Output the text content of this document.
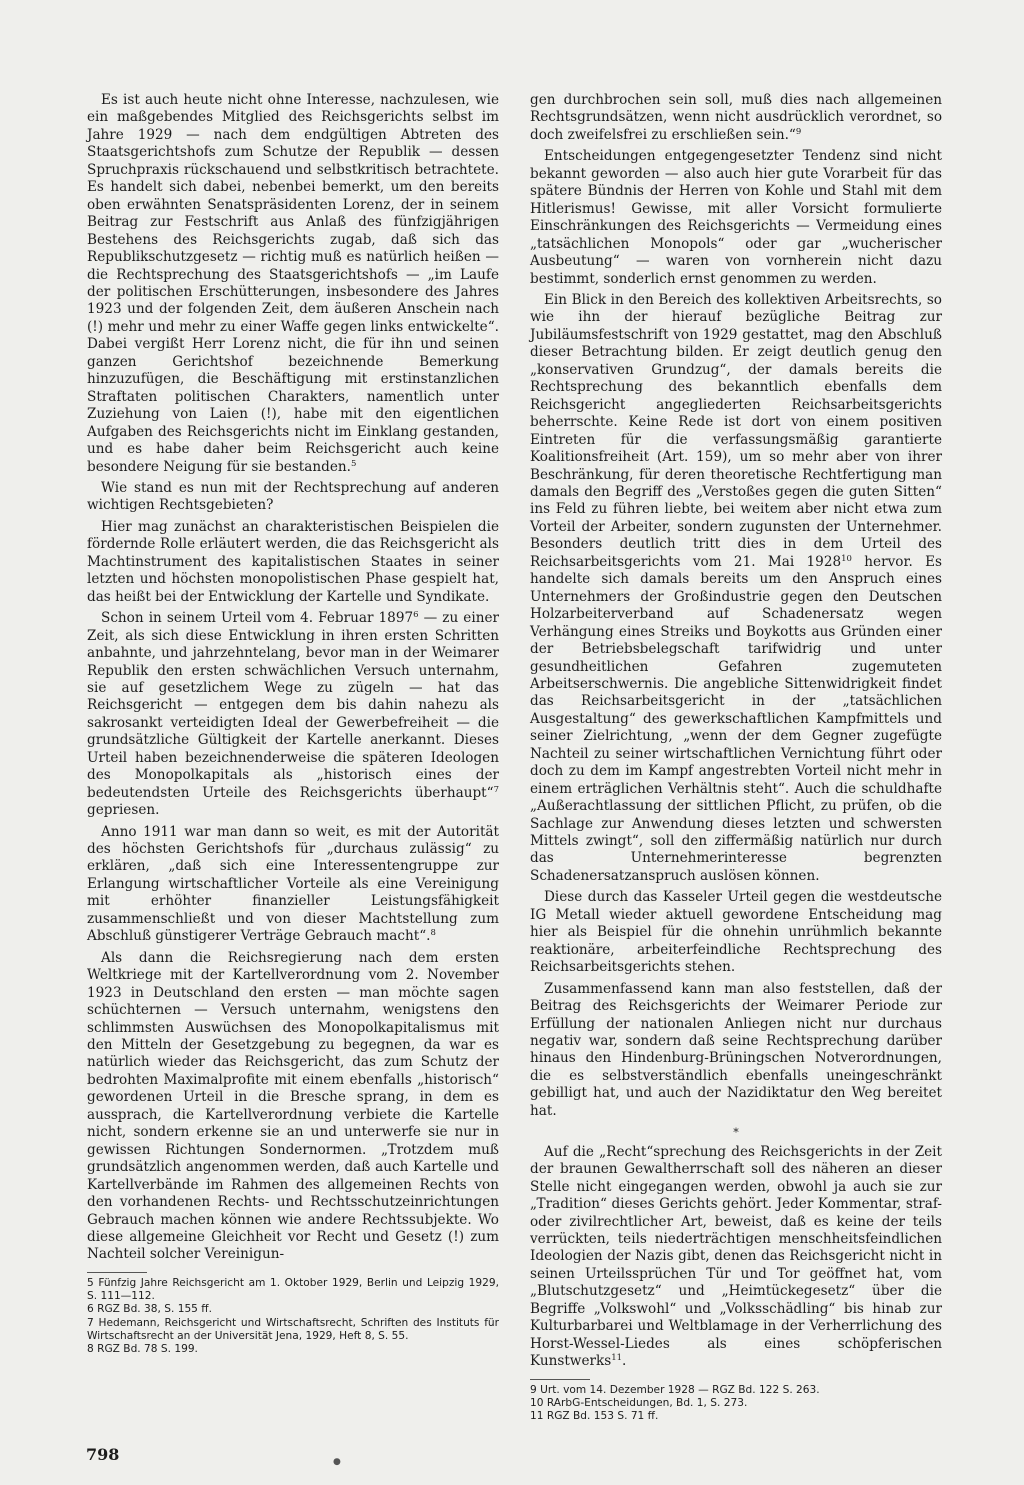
Es ist auch heute nicht ohne Interesse, nachzulesen, wie ein maßgebendes Mitglied des Reichsgerichts selbst im Jahre 1929 — nach dem endgültigen Abtreten des Staatsgerichtshofs zum Schutze der Republik — dessen Spruchpraxis rückschauend und selbstkritisch betrachtete. Es handelt sich dabei, nebenbei bemerkt, um den bereits oben erwähnten Senatspräsidenten Lorenz, der in seinem Beitrag zur Festschrift aus Anlaß des fünfzigjährigen Bestehens des Reichsgerichts zugab, daß sich das Republikschutzgesetz — richtig muß es natürlich heißen — die Rechtsprechung des Staatsgerichtshofs — „im Laufe der politischen Erschütterungen, insbesondere des Jahres 1923 und der folgenden Zeit, dem äußeren Anschein nach (!) mehr und mehr zu einer Waffe gegen links entwickelte“. Dabei vergißt Herr Lorenz nicht, die für ihn und seinen ganzen Gerichtshof bezeichnende Bemerkung hinzuzufügen, die Beschäftigung mit erstinstanzlichen Straftaten politischen Charakters, namentlich unter Zuziehung von Laien (!), habe mit den eigentlichen Aufgaben des Reichsgerichts nicht im Einklang gestanden, und es habe daher beim Reichsgericht auch keine besondere Neigung für sie bestanden.$^5$

Wie stand es nun mit der Rechtsprechung auf anderen wichtigen Rechtsgebieten?

Hier mag zunächst an charakteristischen Beispielen die fördernde Rolle erläutert werden, die das Reichsgericht als Machtinstrument des kapitalistischen Staates in seiner letzten und höchsten monopolistischen Phase gespielt hat, das heißt bei der Entwicklung der Kartelle und Syndikate.

Schon in seinem Urteil vom 4. Februar 1897$^6$ — zu einer Zeit, als sich diese Entwicklung in ihren ersten Schritten anbahnte, und jahrzehntelang, bevor man in der Weimarer Republik den ersten schwächlichen Versuch unternahm, sie auf gesetzlichem Wege zu zügeln — hat das Reichsgericht — entgegen dem bis dahin nahezu als sakrosankt verteidigten Ideal der Gewerbefreiheit — die grundsätzliche Gültigkeit der Kartelle anerkannt. Dieses Urteil haben bezeichnenderweise die späteren Ideologen des Monopolkapitals als „historisch eines der bedeutendsten Urteile des Reichsgerichts überhaupt“$^7$ gepriesen.

Anno 1911 war man dann so weit, es mit der Autorität des höchsten Gerichtshofs für „durchaus zulässig“ zu erklären, „daß sich eine Interessentengruppe zur Erlangung wirtschaftlicher Vorteile als eine Vereinigung mit erhöhter finanzieller Leistungsfähigkeit zusammenschließt und von dieser Machtstellung zum Abschluß günstigerer Verträge Gebrauch macht“.$^8$

Als dann die Reichsregierung nach dem ersten Weltkriege mit der Kartellverordnung vom 2. November 1923 in Deutschland den ersten — man möchte sagen schüchternen — Versuch unternahm, wenigstens den schlimmsten Auswüchsen des Monopolkapitalismus mit den Mitteln der Gesetzgebung zu begegnen, da war es natürlich wieder das Reichsgericht, das zum Schutz der bedrohten Maximalprofite mit einem ebenfalls „historisch“ gewordenen Urteil in die Bresche sprang, in dem es aussprach, die Kartellverordnung verbiete die Kartelle nicht, sondern erkenne sie an und unterwerfe sie nur in gewissen Richtungen Sondernormen. „Trotzdem muß grundsätzlich angenommen werden, daß auch Kartelle und Kartellverbände im Rahmen des allgemeinen Rechts von den vorhandenen Rechts- und Rechtsschutzeinrichtungen Gebrauch machen können wie andere Rechtssubjekte. Wo diese allgemeine Gleichheit vor Recht und Gesetz (!) zum Nachteil solcher Vereinigun-

5 Fünfzig Jahre Reichsgericht am 1. Oktober 1929, Berlin und Leipzig 1929, S. 111—112.
6 RGZ Bd. 38, S. 155 ff.
7 Hedemann, Reichsgericht und Wirtschaftsrecht, Schriften des Instituts für Wirtschaftsrecht an der Universität Jena, 1929, Heft 8, S. 55.
8 RGZ Bd. 78 S. 199.

gen durchbrochen sein soll, muß dies nach allgemeinen Rechtsgrundsätzen, wenn nicht ausdrücklich verordnet, so doch zweifelsfrei zu erschließen sein.“$^9$

Entscheidungen entgegengesetzter Tendenz sind nicht bekannt geworden — also auch hier gute Vorarbeit für das spätere Bündnis der Herren von Kohle und Stahl mit dem Hitlerismus! Gewisse, mit aller Vorsicht formulierte Einschränkungen des Reichsgerichts — Vermeidung eines „tatsächlichen Monopols“ oder gar „wucherischer Ausbeutung“ — waren von vornherein nicht dazu bestimmt, sonderlich ernst genommen zu werden.

Ein Blick in den Bereich des kollektiven Arbeitsrechts, so wie ihn der hierauf bezügliche Beitrag zur Jubiläumsfestschrift von 1929 gestattet, mag den Abschluß dieser Betrachtung bilden. Er zeigt deutlich genug den „konservativen Grundzug“, der damals bereits die Rechtsprechung des bekanntlich ebenfalls dem Reichsgericht angegliederten Reichsarbeitsgerichts beherrschte. Keine Rede ist dort von einem positiven Eintreten für die verfassungsmäßig garantierte Koalitionsfreiheit (Art. 159), um so mehr aber von ihrer Beschränkung, für deren theoretische Rechtfertigung man damals den Begriff des „Verstoßes gegen die guten Sitten“ ins Feld zu führen liebte, bei weitem aber nicht etwa zum Vorteil der Arbeiter, sondern zugunsten der Unternehmer. Besonders deutlich tritt dies in dem Urteil des Reichsarbeitsgerichts vom 21. Mai 1928$^{10}$ hervor. Es handelte sich damals bereits um den Anspruch eines Unternehmers der Großindustrie gegen den Deutschen Holzarbeiterverband auf Schadenersatz wegen Verhängung eines Streiks und Boykotts aus Gründen einer der Betriebsbelegschaft tarifwidrig und unter gesundheitlichen Gefahren zugemuteten Arbeitserschwernis. Die angebliche Sittenwidrigkeit findet das Reichsarbeitsgericht in der „tatsächlichen Ausgestaltung“ des gewerkschaftlichen Kampfmittels und seiner Zielrichtung, „wenn der dem Gegner zugefügte Nachteil zu seiner wirtschaftlichen Vernichtung führt oder doch zu dem im Kampf angestrebten Vorteil nicht mehr in einem erträglichen Verhältnis steht“. Auch die schuldhafte „Außerachtlassung der sittlichen Pflicht, zu prüfen, ob die Sachlage zur Anwendung dieses letzten und schwersten Mittels zwingt“, soll den ziffermäßig natürlich nur durch das Unternehmerinteresse begrenzten Schadenersatzanspruch auslösen können.

Diese durch das Kasseler Urteil gegen die westdeutsche IG Metall wieder aktuell gewordene Entscheidung mag hier als Beispiel für die ohnehin unrühmlich bekannte reaktionäre, arbeiterfeindliche Rechtsprechung des Reichsarbeitsgerichts stehen.

Zusammenfassend kann man also feststellen, daß der Beitrag des Reichsgerichts der Weimarer Periode zur Erfüllung der nationalen Anliegen nicht nur durchaus negativ war, sondern daß seine Rechtsprechung darüber hinaus den Hindenburg-Brüningschen Notverordnungen, die es selbstverständlich ebenfalls uneingeschränkt gebilligt hat, und auch der Nazidiktatur den Weg bereitet hat.

*

Auf die „Recht“sprechung des Reichsgerichts in der Zeit der braunen Gewaltherrschaft soll des näheren an dieser Stelle nicht eingegangen werden, obwohl ja auch sie zur „Tradition“ dieses Gerichts gehört. Jeder Kommentar, straf- oder zivilrechtlicher Art, beweist, daß es keine der teils verrückten, teils niederträchtigen menschheitsfeindlichen Ideologien der Nazis gibt, denen das Reichsgericht nicht in seinen Urteilssprüchen Tür und Tor geöffnet hat, vom „Blutschutzgesetz“ und „Heimtückegesetz“ über die Begriffe „Volkswohl“ und „Volksschädling“ bis hinab zur Kulturbarbarei und Weltblamage in der Verherrlichung des Horst-Wessel-Liedes als eines schöpferischen Kunstwerks$^{11}$.

9 Urt. vom 14. Dezember 1928 — RGZ Bd. 122 S. 263.
10 RArbG-Entscheidungen, Bd. 1, S. 273.
11 RGZ Bd. 153 S. 71 ff.
798	●
